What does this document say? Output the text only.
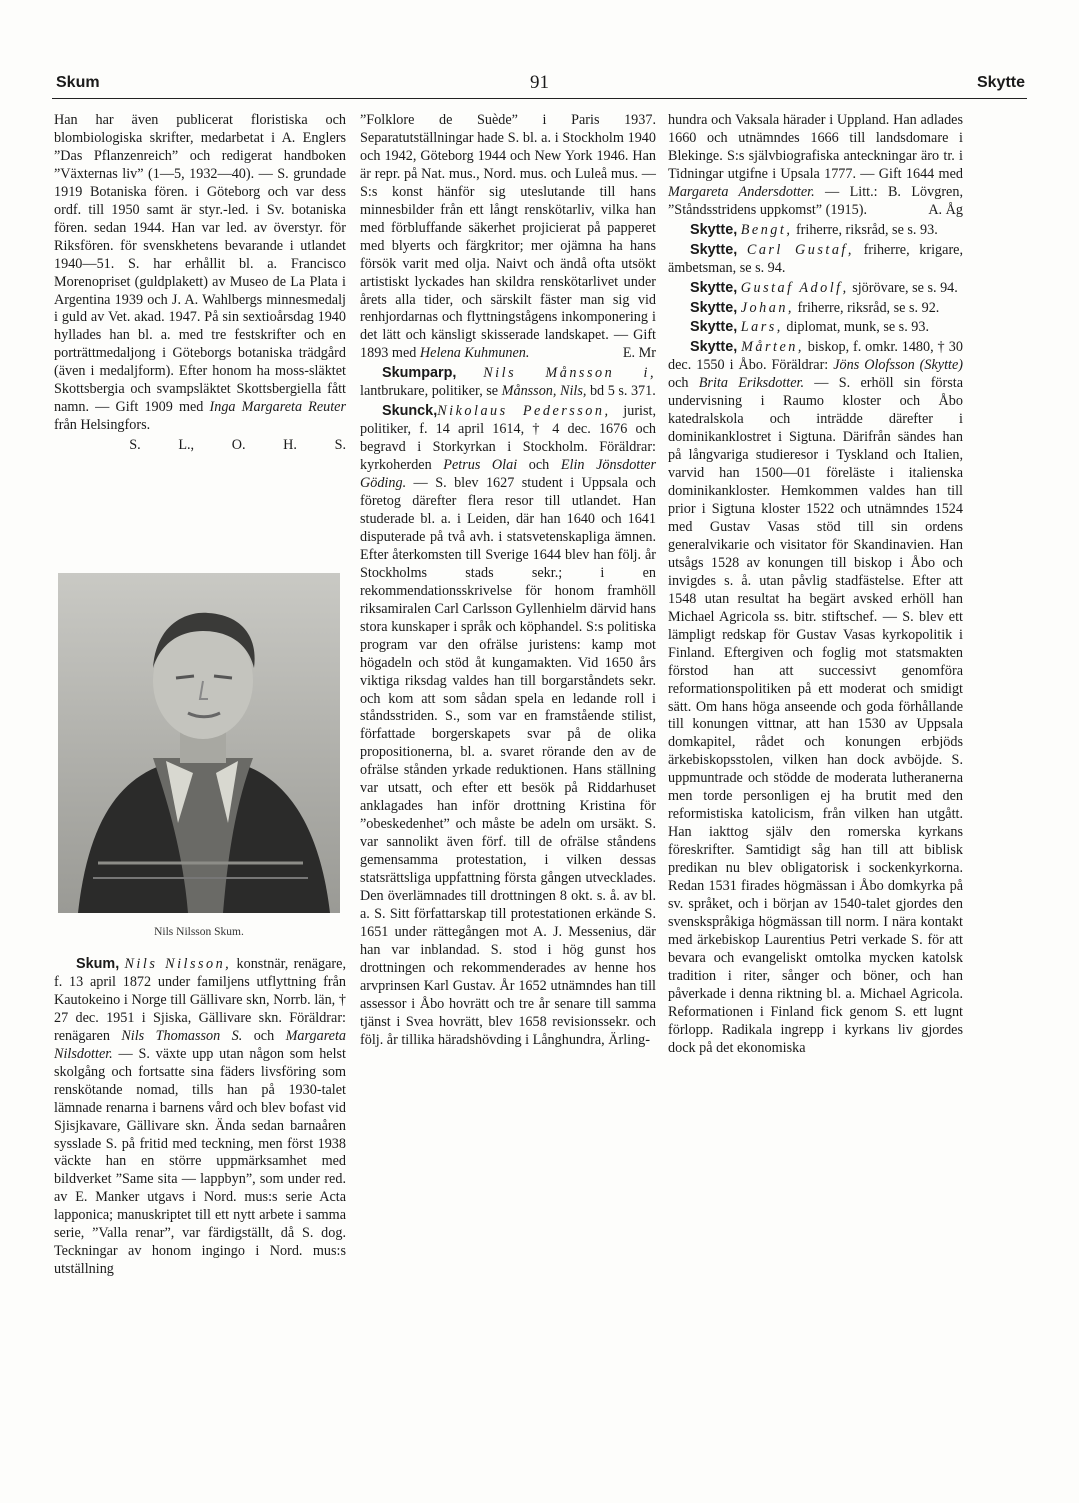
Skum	91	Skytte

Han har även publicerat floristiska och blombiologiska skrifter, medarbetat i A. Englers ”Das Pflanzenreich” och redigerat handboken ”Växternas liv” (1—5, 1932—40). — S. grundade 1919 Botaniska fören. i Göteborg och var dess ordf. till 1950 samt är styr.-led. i Sv. botaniska fören. sedan 1944. Han var led. av överstyr. för Riksfören. för svenskhetens bevarande i utlandet 1940—51. S. har erhållit bl. a. Francisco Morenopriset (guldplakett) av Museo de La Plata i Argentina 1939 och J. A. Wahlbergs minnesmedalj i guld av Vet. akad. 1947. På sin sextioårsdag 1940 hyllades han bl. a. med tre festskrifter och en porträttmedaljong i Göteborgs botaniska trädgård (även i medaljform). Efter honom ha moss-släktet Skottsbergia och svampsläktet Skottsbergiella fått namn. — Gift 1909 med Inga Margareta Reuter från Helsingfors.

S. L., O. H. S.
Nils Nilsson Skum.

Skum, Nils Nilsson, konstnär, renägare, f. 13 april 1872 under familjens utflyttning från Kautokeino i Norge till Gällivare skn, Norrb. län, † 27 dec. 1951 i Sjiska, Gällivare skn. Föräldrar: renägaren Nils Thomasson S. och Margareta Nilsdotter. — S. växte upp utan någon som helst skolgång och fortsatte sina fäders livsföring som renskötande nomad, tills han på 1930-talet lämnade renarna i barnens vård och blev bofast vid Sjisjkavare, Gällivare skn. Ända sedan barnaåren sysslade S. på fritid med teckning, men först 1938 väckte han en större uppmärksamhet med bildverket ”Same sita — lappbyn”, som under red. av E. Manker utgavs i Nord. mus:s serie Acta lapponica; manuskriptet till ett nytt arbete i samma serie, ”Valla renar”, var färdigställt, då S. dog. Teckningar av honom ingingo i Nord. mus:s utställning

”Folklore de Suède” i Paris 1937. Separatutställningar hade S. bl. a. i Stockholm 1940 och 1942, Göteborg 1944 och New York 1946. Han är repr. på Nat. mus., Nord. mus. och Luleå mus. — S:s konst hänför sig uteslutande till hans minnesbilder från ett långt renskötarliv, vilka han med förbluffande säkerhet projicierat på papperet med blyerts och färgkritor; mer ojämna ha hans försök varit med olja. Naivt och ändå ofta utsökt artistiskt lyckades han skildra renskötarlivet under årets alla tider, och särskilt fäster man sig vid renhjordarnas och flyttningstågens inkomponering i det lätt och känsligt skisserade landskapet. — Gift 1893 med Helena Kuhmunen.	E. Mr

Skumparp, Nils Månsson i, lantbrukare, politiker, se Månsson, Nils, bd 5 s. 371.

Skunck,Nikolaus Pedersson, jurist, politiker, f. 14 april 1614, † 4 dec. 1676 och begravd i Storkyrkan i Stockholm. Föräldrar: kyrkoherden Petrus Olai och Elin Jönsdotter Göding. — S. blev 1627 student i Uppsala och företog därefter flera resor till utlandet. Han studerade bl. a. i Leiden, där han 1640 och 1641 disputerade på två avh. i statsvetenskapliga ämnen. Efter återkomsten till Sverige 1644 blev han följ. år Stockholms stads sekr.; i en rekommendationsskrivelse för honom framhöll riksamiralen Carl Carlsson Gyllenhielm därvid hans stora kunskaper i språk och köphandel. S:s politiska program var den ofrälse juristens: kamp mot högadeln och stöd åt kungamakten. Vid 1650 års viktiga riksdag valdes han till borgarståndets sekr. och kom att som sådan spela en ledande roll i ståndsstriden. S., som var en framstående stilist, författade borgerskapets svar på de olika propositionerna, bl. a. svaret rörande den av de ofrälse stånden yrkade reduktionen. Hans ställning var utsatt, och efter ett besök på Riddarhuset anklagades han inför drottning Kristina för ”obeskedenhet” och måste be adeln om ursäkt. S. var sannolikt även förf. till de ofrälse ståndens gemensamma protestation, i vilken dessas statsrättsliga uppfattning första gången utvecklades. Den överlämnades till drottningen 8 okt. s. å. av bl. a. S. Sitt författarskap till protestationen erkände S. 1651 under rättegången mot A. J. Messenius, där han var inblandad. S. stod i hög gunst hos drottningen och rekommenderades av henne hos arvprinsen Karl Gustav. År 1652 utnämndes han till assessor i Åbo hovrätt och tre år senare till samma tjänst i Svea hovrätt, blev 1658 revisionssekr. och följ. år tillika häradshövding i Långhundra, Ärling-

hundra och Vaksala härader i Uppland. Han adlades 1660 och utnämndes 1666 till landsdomare i Blekinge. S:s självbiografiska anteckningar äro tr. i Tidningar utgifne i Upsala 1777. — Gift 1644 med Margareta Andersdotter. — Litt.: B. Lövgren, ”Ståndsstridens uppkomst” (1915).	A. Åg

Skytte, Bengt, friherre, riksråd, se s. 93.

Skytte, Carl Gustaf, friherre, krigare, ämbetsman, se s. 94.

Skytte, Gustaf Adolf, sjörövare, se s. 94.

Skytte, Johan, friherre, riksråd, se s. 92.

Skytte, Lars, diplomat, munk, se s. 93.

Skytte, Mårten, biskop, f. omkr. 1480, † 30 dec. 1550 i Åbo. Föräldrar: Jöns Olofsson (Skytte) och Brita Eriksdotter. — S. erhöll sin första undervisning i Raumo kloster och Åbo katedralskola och inträdde därefter i dominikanklostret i Sigtuna. Därifrån sändes han på långvariga studieresor i Tyskland och Italien, varvid han 1500—01 föreläste i italienska dominikankloster. Hemkommen valdes han till prior i Sigtuna kloster 1522 och utnämndes 1524 med Gustav Vasas stöd till sin ordens generalvikarie och visitator för Skandinavien. Han utsågs 1528 av konungen till biskop i Åbo och invigdes s. å. utan påvlig stadfästelse. Efter att 1548 utan resultat ha begärt avsked erhöll han Michael Agricola ss. bitr. stiftschef. — S. blev ett lämpligt redskap för Gustav Vasas kyrkopolitik i Finland. Eftergiven och foglig mot statsmakten förstod han att successivt genomföra reformationspolitiken på ett moderat och smidigt sätt. Om hans höga anseende och goda förhållande till konungen vittnar, att han 1530 av Uppsala domkapitel, rådet och konungen erbjöds ärkebiskopsstolen, vilken han dock avböjde. S. uppmuntrade och stödde de moderata lutheranerna men torde personligen ej ha brutit med den reformistiska katolicism, från vilken han utgått. Han iakttog själv den romerska kyrkans föreskrifter. Samtidigt såg han till att biblisk predikan nu blev obligatorisk i sockenkyrkorna. Redan 1531 firades högmässan i Åbo domkyrka på sv. språket, och i början av 1540-talet gjordes den svenskspråkiga högmässan till norm. I nära kontakt med ärkebiskop Laurentius Petri verkade S. för att bevara och evangeliskt omtolka mycken katolsk tradition i riter, sånger och böner, och han påverkade i denna riktning bl. a. Michael Agricola. Reformationen i Finland fick genom S. ett lugnt förlopp. Radikala ingrepp i kyrkans liv gjordes dock på det ekonomiska
